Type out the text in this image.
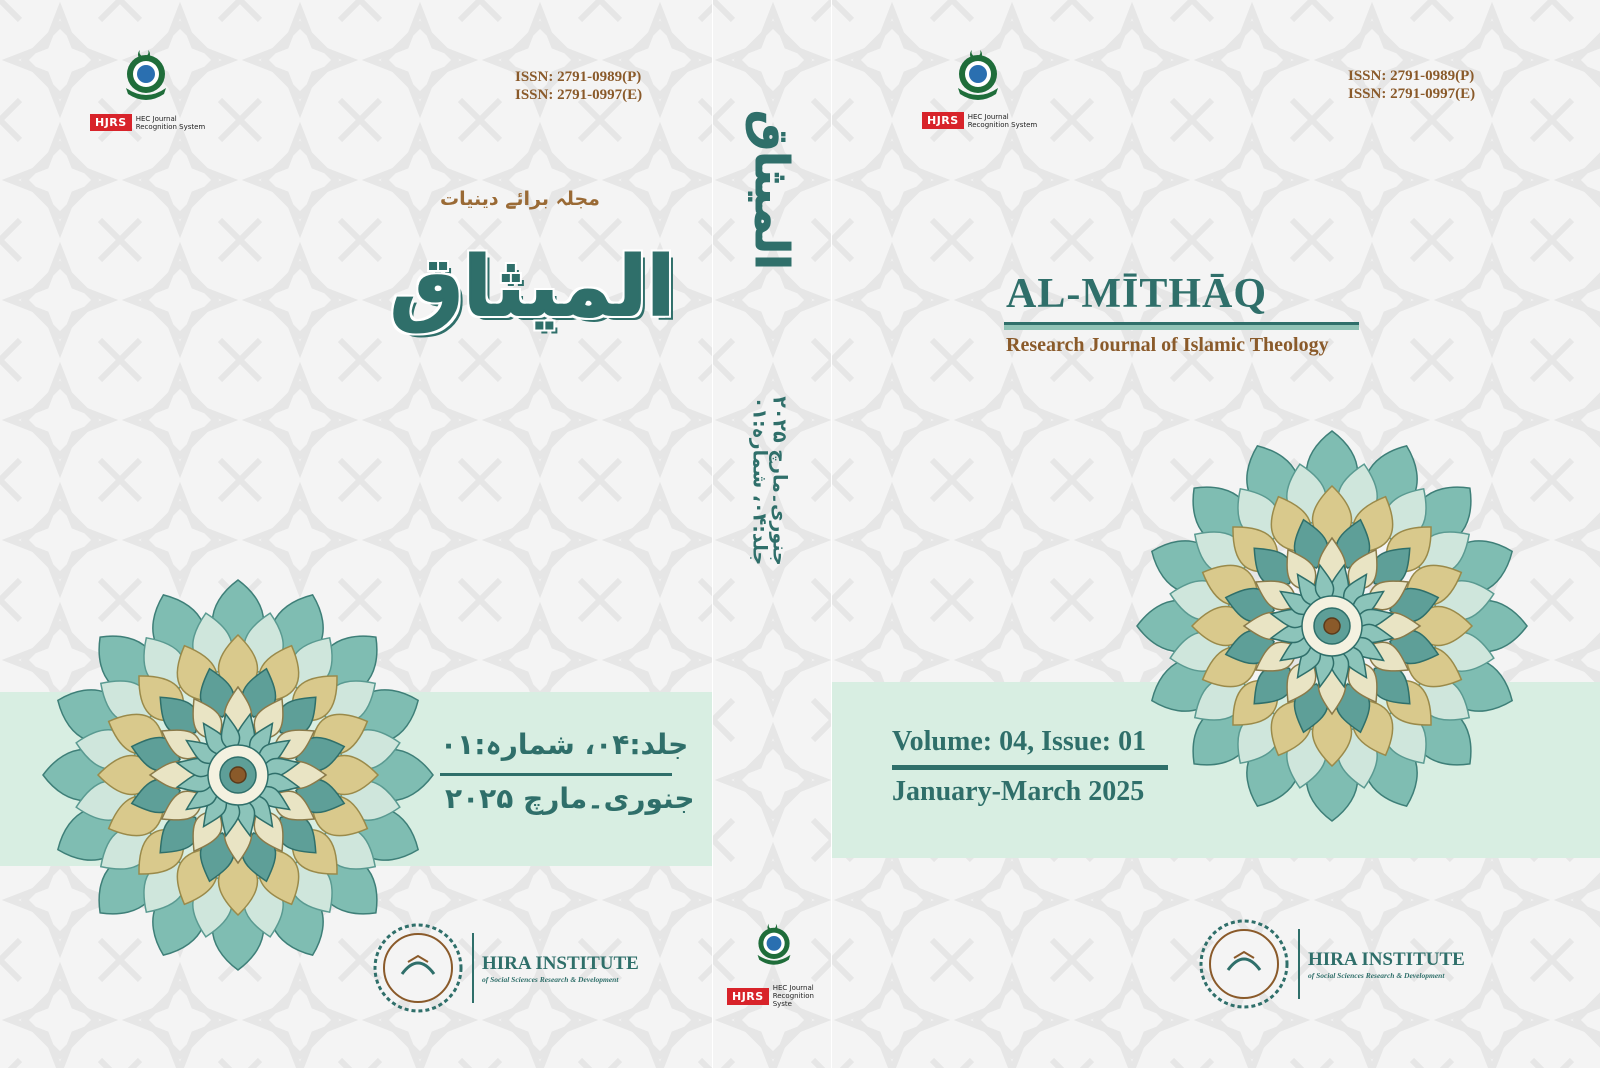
HJRS	HEC Journal
Recognition System
ISSN: 2791-0989(P)
ISSN: 2791-0997(E)
مجلہ برائے دینیات
المیثاق
جلد:۰۴، شمارہ:۰۱
جنوری۔مارچ ۲۰۲۵
HIRA INSTITUTE
of Social Sciences Research & Development
المیثاق
جلد:۰۴، شمارہ:۰۱
جنوری۔مارچ ۲۰۲۵
HJRS
HEC Journal
Recognition Syste
HJRS	HEC Journal
Recognition System
ISSN: 2791-0989(P)
ISSN: 2791-0997(E)
AL-MĪTHĀQ
Research Journal of Islamic Theology
Volume: 04, Issue: 01
January-March 2025
HIRA INSTITUTE
of Social Sciences Research & Development
